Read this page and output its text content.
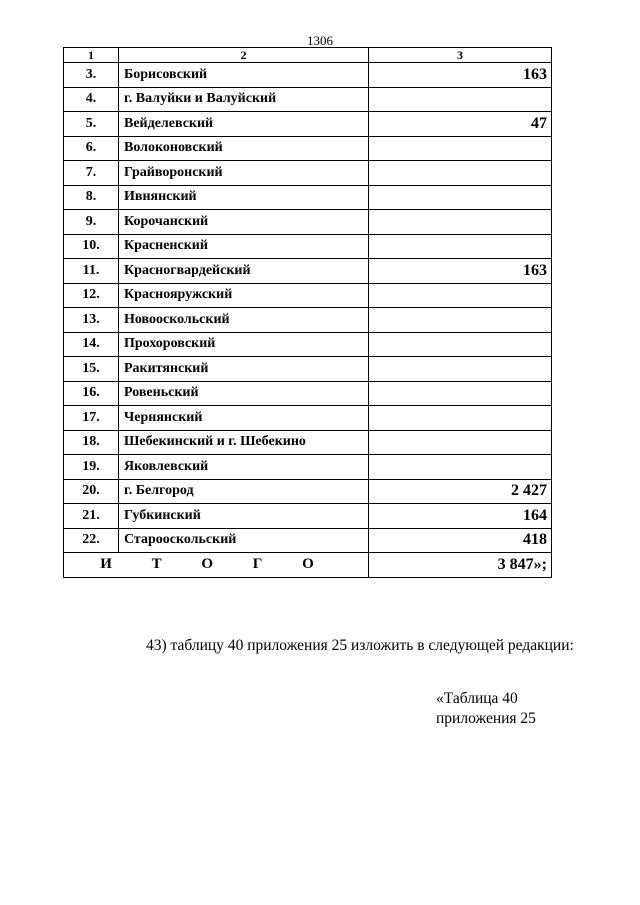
1306
1	2	3
3.	Борисовский	163
4.	г. Валуйки и Валуйский	
5.	Вейделевский	47
6.	Волоконовский	
7.	Грайворонский	
8.	Ивнянский	
9.	Корочанский	
10.	Красненский	
11.	Красногвардейский	163
12.	Краснояружский	
13.	Новооскольский	
14.	Прохоровский	
15.	Ракитянский	
16.	Ровеньский	
17.	Чернянский	
18.	Шебекинский и г. Шебекино	
19.	Яковлевский	
20.	г. Белгород	2 427
21.	Губкинский	164
22.	Старооскольский	418
И Т О Г О		3 847»;
43) таблицу 40 приложения 25 изложить в следующей редакции:
«Таблица 40
приложения 25
